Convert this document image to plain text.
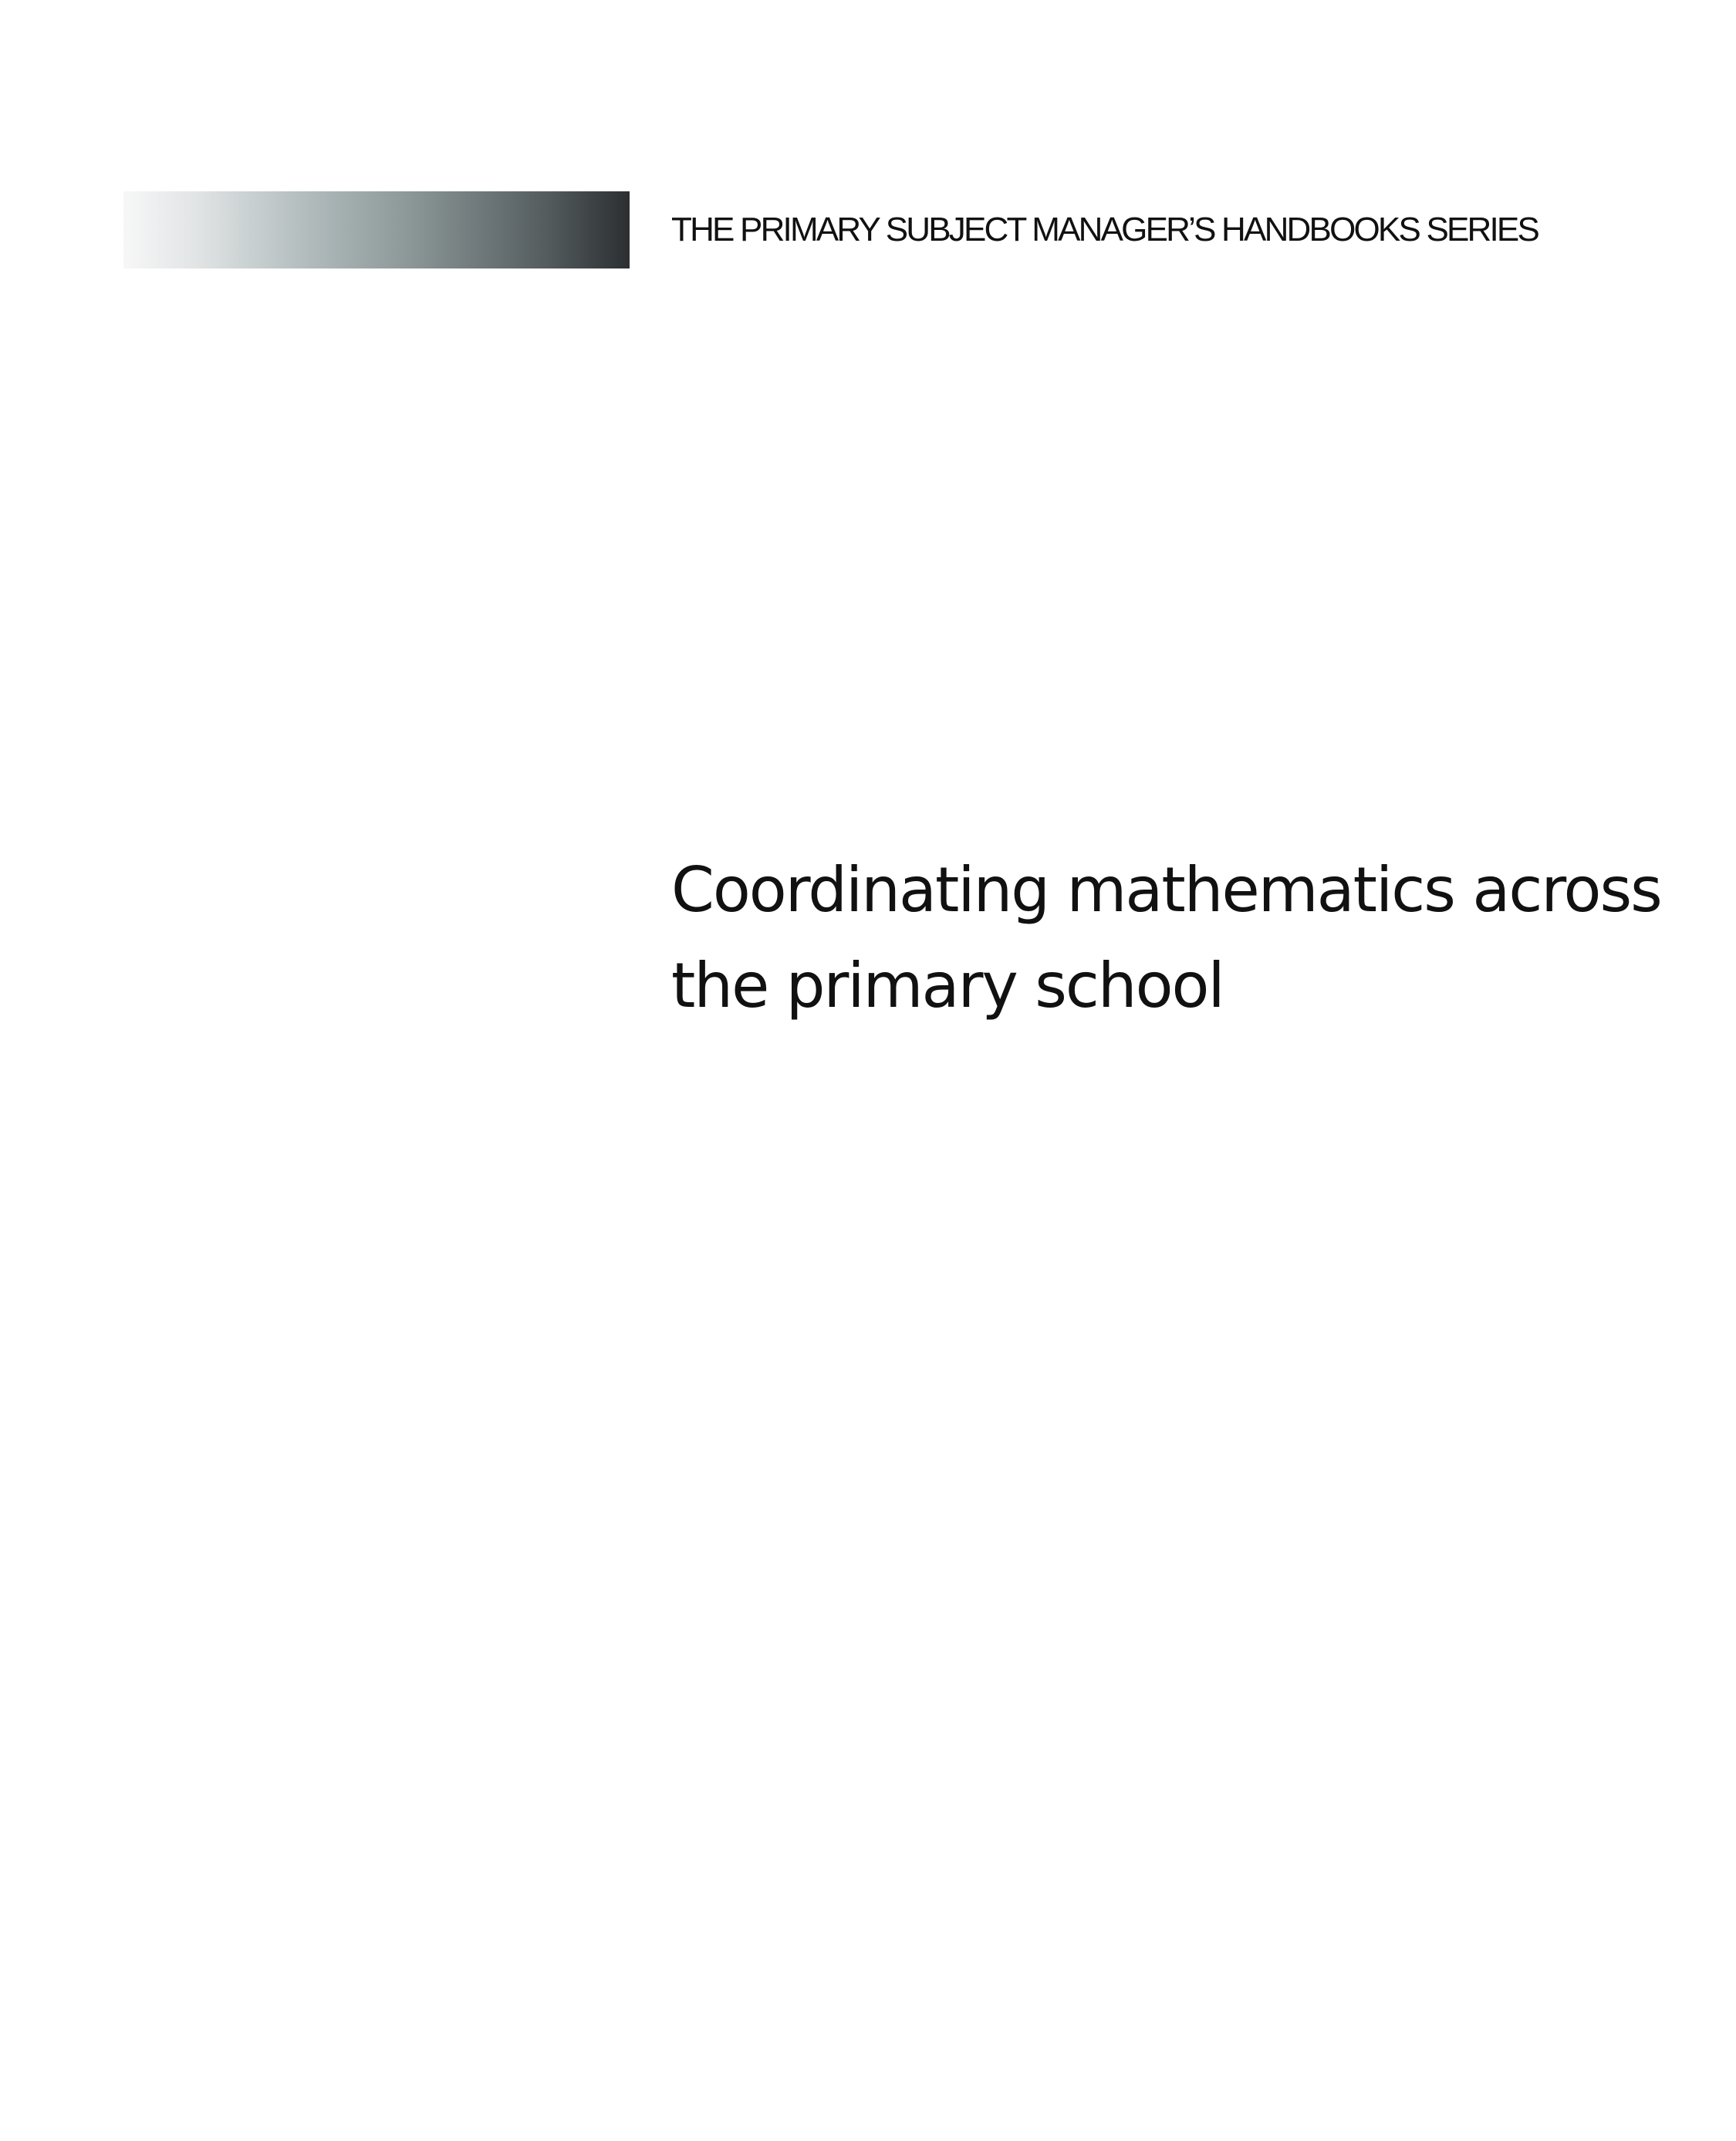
THE PRIMARY SUBJECT MANAGER’S HANDBOOKS SERIES
Coordinating mathematics across
the primary school
